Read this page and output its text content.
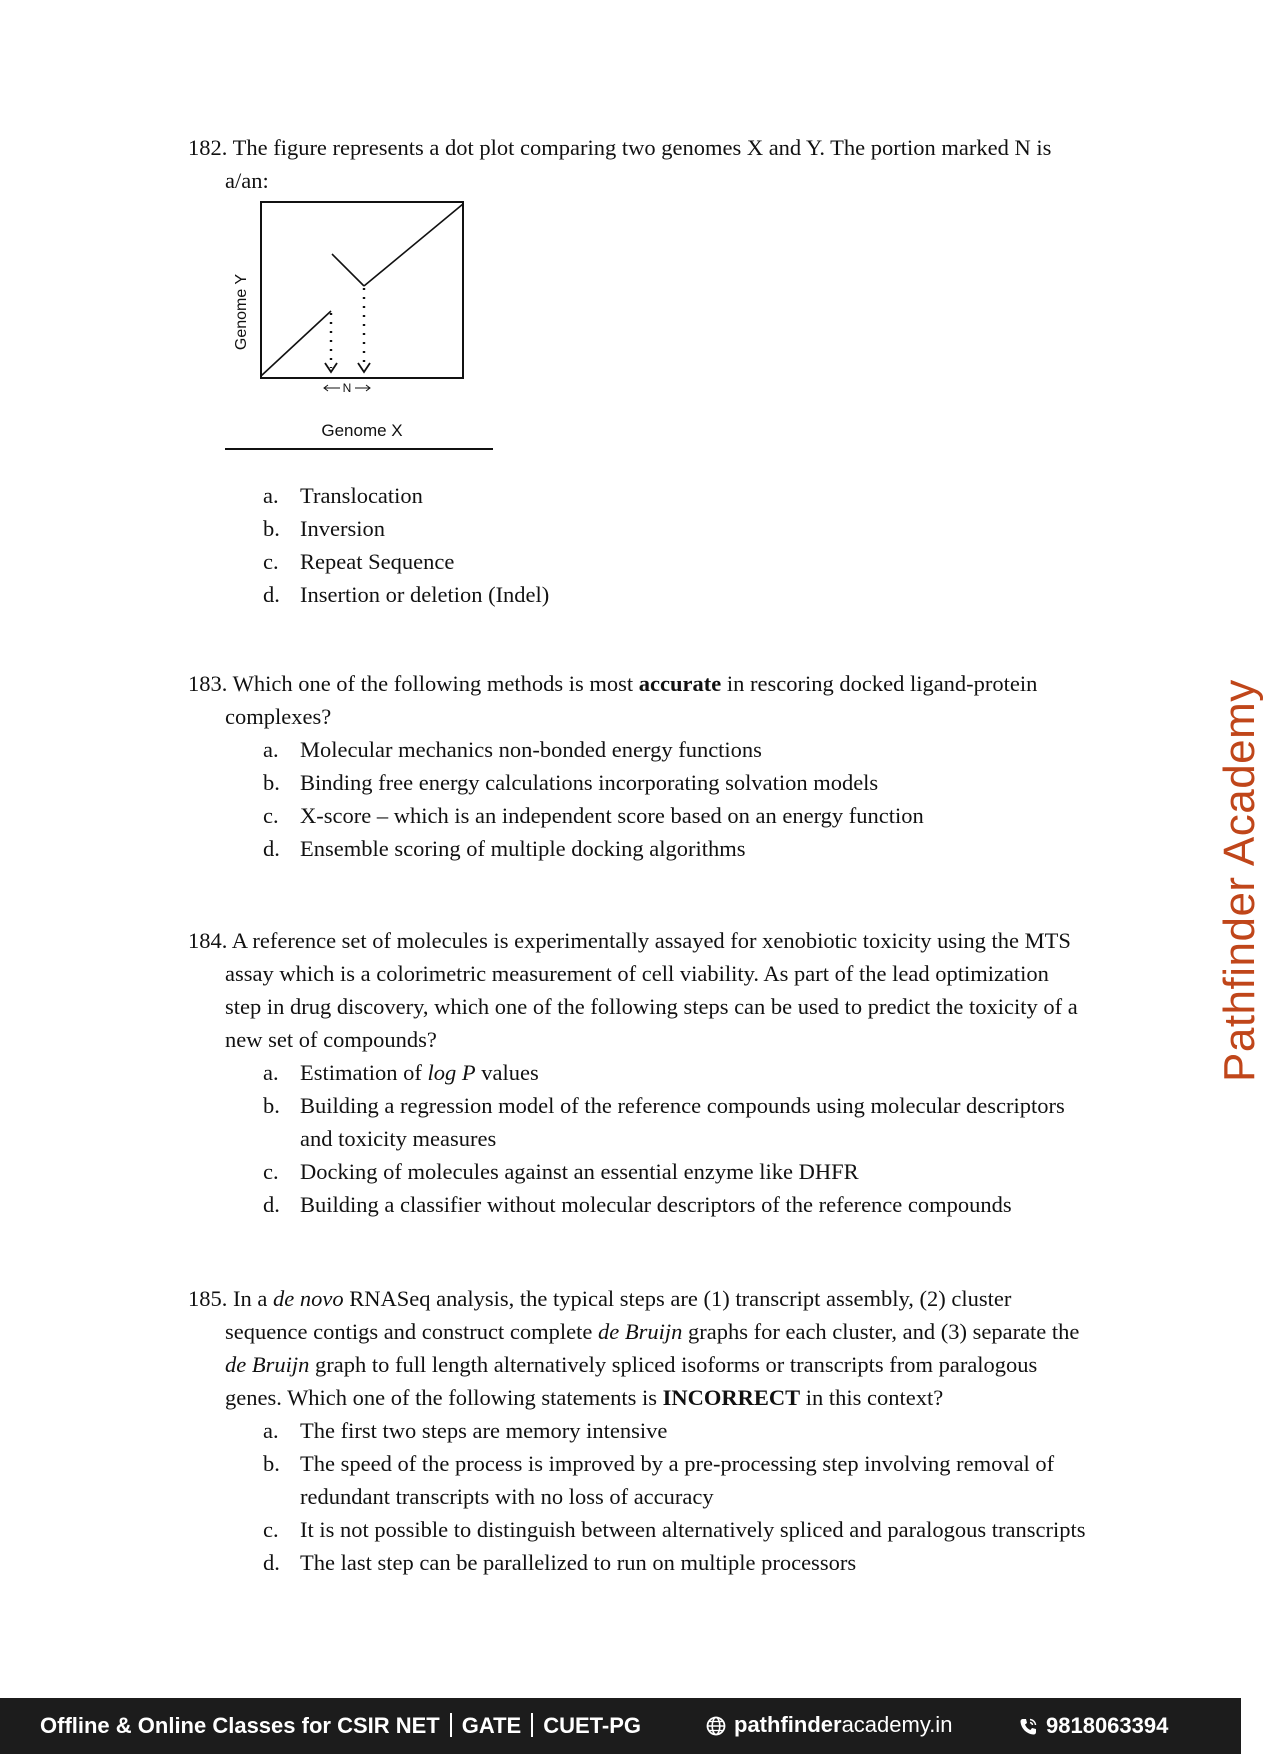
182. The figure represents a dot plot comparing two genomes X and Y. The portion marked N is a/an:

N
Genome Y
Genome X
a. Translocation
b. Inversion
c. Repeat Sequence
d. Insertion or deletion (Indel)

183. Which one of the following methods is most accurate in rescoring docked ligand-protein complexes?

a. Molecular mechanics non-bonded energy functions
b. Binding free energy calculations incorporating solvation models
c. X-score – which is an independent score based on an energy function
d. Ensemble scoring of multiple docking algorithms

184. A reference set of molecules is experimentally assayed for xenobiotic toxicity using the MTS assay which is a colorimetric measurement of cell viability. As part of the lead optimization step in drug discovery, which one of the following steps can be used to predict the toxicity of a new set of compounds?

a. Estimation of log P values
b. Building a regression model of the reference compounds using molecular descriptors and toxicity measures
c. Docking of molecules against an essential enzyme like DHFR
d. Building a classifier without molecular descriptors of the reference compounds

185. In a de novo RNASeq analysis, the typical steps are (1) transcript assembly, (2) cluster sequence contigs and construct complete de Bruijn graphs for each cluster, and (3) separate the de Bruijn graph to full length alternatively spliced isoforms or transcripts from paralogous genes. Which one of the following statements is INCORRECT in this context?

a. The first two steps are memory intensive
b. The speed of the process is improved by a pre-processing step involving removal of redundant transcripts with no loss of accuracy
c. It is not possible to distinguish between alternatively spliced and paralogous transcripts
d. The last step can be parallelized to run on multiple processors
Pathfinder Academy
Offline & Online Classes for CSIR NET GATE CUET-PG	pathfinderacademy.in	9818063394
